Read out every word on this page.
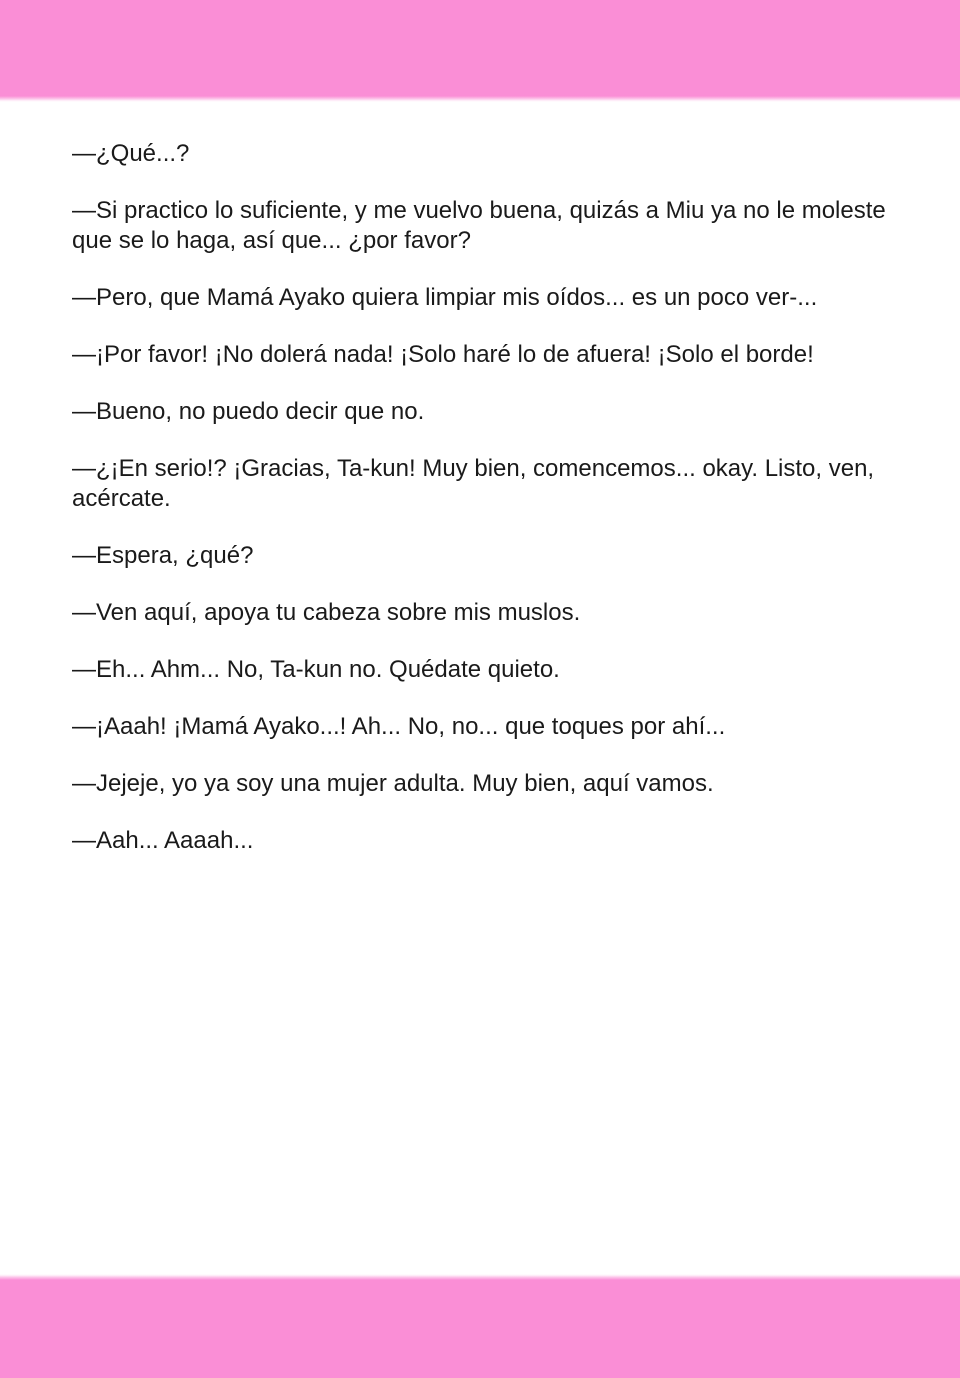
—¿Qué...?

—Si practico lo suficiente, y me vuelvo buena, quizás a Miu ya no le moleste que se lo haga, así que... ¿por favor?

—Pero, que Mamá Ayako quiera limpiar mis oídos... es un poco ver-...

—¡Por favor! ¡No dolerá nada! ¡Solo haré lo de afuera! ¡Solo el borde!

—Bueno, no puedo decir que no.

—¿¡En serio!? ¡Gracias, Ta-kun! Muy bien, comencemos... okay. Listo, ven, acércate.

—Espera, ¿qué?

—Ven aquí, apoya tu cabeza sobre mis muslos.

—Eh... Ahm... No, Ta-kun no. Quédate quieto.

—¡Aaah! ¡Mamá Ayako...! Ah... No, no... que toques por ahí...

—Jejeje, yo ya soy una mujer adulta. Muy bien, aquí vamos.

—Aah... Aaaah...
